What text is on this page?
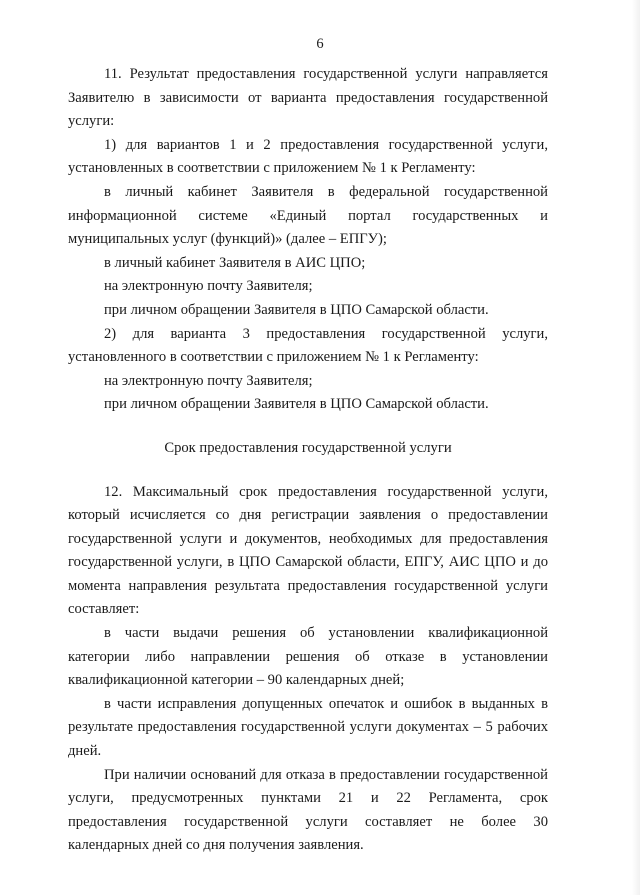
6

11. Результат предоставления государственной услуги направляется Заявителю в зависимости от варианта предоставления государственной услуги:

1) для вариантов 1 и 2 предоставления государственной услуги, установленных в соответствии с приложением № 1 к Регламенту:

в личный кабинет Заявителя в федеральной государственной информационной системе «Единый портал государственных и муниципальных услуг (функций)» (далее – ЕПГУ);

в личный кабинет Заявителя в АИС ЦПО;

на электронную почту Заявителя;

при личном обращении Заявителя в ЦПО Самарской области.

2) для варианта 3 предоставления государственной услуги, установленного в соответствии с приложением № 1 к Регламенту:

на электронную почту Заявителя;

при личном обращении Заявителя в ЦПО Самарской области.

Срок предоставления государственной услуги

12. Максимальный срок предоставления государственной услуги, который исчисляется со дня регистрации заявления о предоставлении государственной услуги и документов, необходимых для предоставления государственной услуги, в ЦПО Самарской области, ЕПГУ, АИС ЦПО и до момента направления результата предоставления государственной услуги составляет:

в части выдачи решения об установлении квалификационной категории либо направлении решения об отказе в установлении квалификационной категории – 90 календарных дней;

в части исправления допущенных опечаток и ошибок в выданных в результате предоставления государственной услуги документах – 5 рабочих дней.

При наличии оснований для отказа в предоставлении государственной услуги, предусмотренных пунктами 21 и 22 Регламента, срок предоставления государственной услуги составляет не более 30 календарных дней со дня получения заявления.
